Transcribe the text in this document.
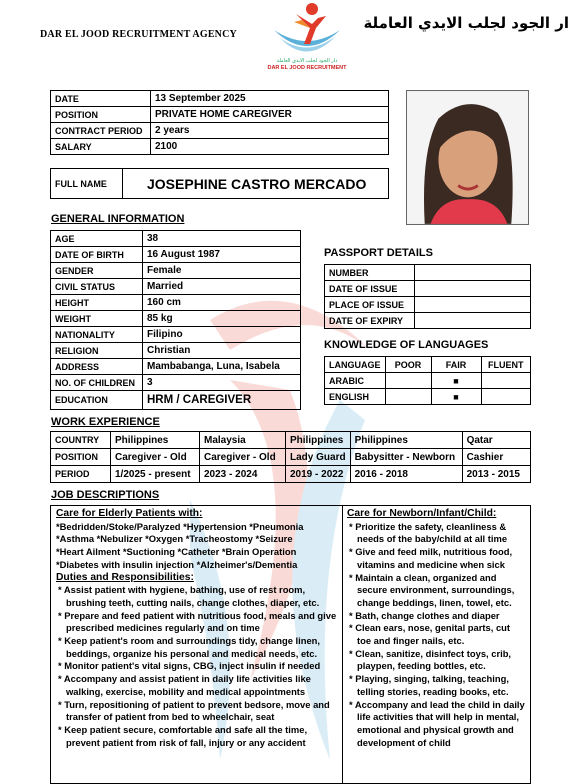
DAR EL JOOD RECRUITMENT AGENCY
دار الجود لجلب الايدي العاملة
DAR EL JOOD RECRUITMENT
ار الجود لجلب الايدي العاملة
DATE	13 September 2025
POSITION	PRIVATE HOME CAREGIVER
CONTRACT PERIOD	2 years
SALARY	2100
FULL NAME	JOSEPHINE CASTRO MERCADO
GENERAL INFORMATION
AGE	38
DATE OF BIRTH	16 August 1987
GENDER	Female
CIVIL STATUS	Married
HEIGHT	160 cm
WEIGHT	85 kg
NATIONALITY	Filipino
RELIGION	Christian
ADDRESS	Mambabanga, Luna, Isabela
NO. OF CHILDREN	3
EDUCATION	HRM / CAREGIVER
PASSPORT DETAILS
NUMBER	
DATE OF ISSUE	
PLACE OF ISSUE	
DATE OF EXPIRY	
KNOWLEDGE OF LANGUAGES
LANGUAGE	POOR	FAIR	FLUENT
ARABIC		■	
ENGLISH		■	
WORK EXPERIENCE
COUNTRY	Philippines	Malaysia	Philippines	Philippines	Qatar
POSITION	Caregiver - Old	Caregiver - Old	Lady Guard	Babysitter - Newborn	Cashier
PERIOD	1/2025 - present	2023 - 2024	2019 - 2022	2016 - 2018	2013 - 2015
JOB DESCRIPTIONS
Care for Elderly Patients with:
*Bedridden/Stoke/Paralyzed *Hypertension *Pneumonia
*Asthma *Nebulizer *Oxygen *Tracheostomy *Seizure
*Heart Ailment *Suctioning *Catheter *Brain Operation
*Diabetes with insulin injection *Alzheimer's/Dementia
Duties and Responsibilities:
* Assist patient with hygiene, bathing, use of rest room, brushing teeth, cutting nails, change clothes, diaper, etc.
* Prepare and feed patient with nutritious food, meals and give prescribed medicines regularly and on time
* Keep patient's room and surroundings tidy, change linen, beddings, organize his personal and medical needs, etc.
* Monitor patient's vital signs, CBG, inject insulin if needed
* Accompany and assist patient in daily life activities like walking, exercise, mobility and medical appointments
* Turn, repositioning of patient to prevent bedsore, move and transfer of patient from bed to wheelchair, seat
* Keep patient secure, comfortable and safe all the time, prevent patient from risk of fall, injury or any accident
Care for Newborn/Infant/Child:
* Prioritize the safety, cleanliness & needs of the baby/child at all time
* Give and feed milk, nutritious food, vitamins and medicine when sick
* Maintain a clean, organized and secure environment, surroundings, change beddings, linen, towel, etc.
* Bath, change clothes and diaper
* Clean ears, nose, genital parts, cut toe and finger nails, etc.
* Clean, sanitize, disinfect toys, crib, playpen, feeding bottles, etc.
* Playing, singing, talking, teaching, telling stories, reading books, etc.
* Accompany and lead the child in daily life activities that will help in mental, emotional and physical growth and development of child
